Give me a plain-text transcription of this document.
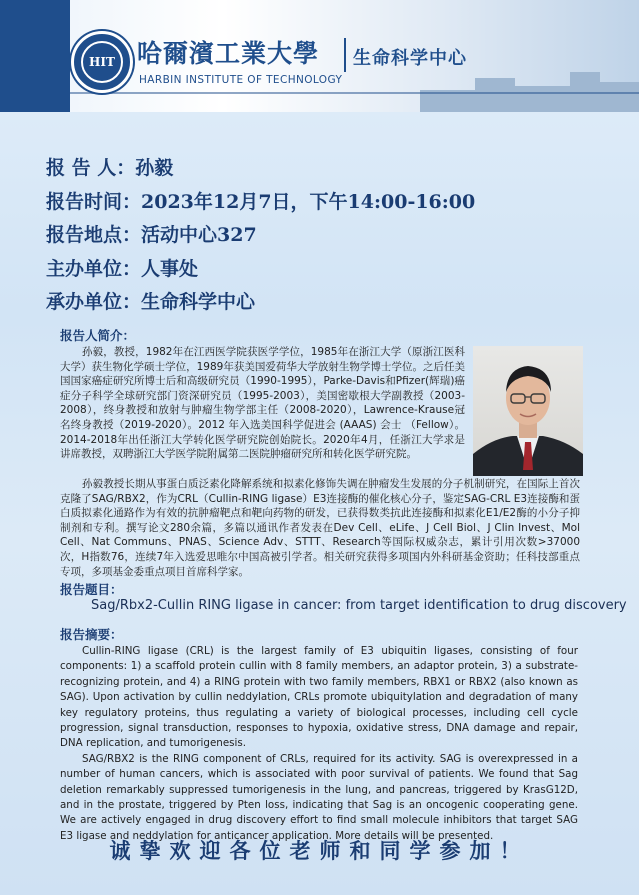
HIT 哈爾濱工業大學
HARBIN INSTITUTE OF TECHNOLOGY
生命科学中心
报 告 人：孙毅
报告时间：2023年12月7日，下午14:00-16:00
报告地点：活动中心327
主办单位：人事处
承办单位：生命科学中心
报告人简介：

孙毅，教授，1982年在江西医学院获医学学位，1985年在浙江大学（原浙江医科大学）获生物化学硕士学位，1989年获美国爱荷华大学放射生物学博士学位。之后任美国国家癌症研究所博士后和高级研究员（1990-1995），Parke-Davis和Pfizer(辉瑞)癌症分子科学全球研究部门资深研究员（1995-2003），美国密歇根大学副教授（2003-2008），终身教授和放射与肿瘤生物学部主任（2008-2020），Lawrence-Krause冠名终身教授（2019-2020）。2012 年入选美国科学促进会 (AAAS) 会士 （Fellow）。2014-2018年出任浙江大学转化医学研究院创始院长。2020年4月，任浙江大学求是讲席教授，双聘浙江大学医学院附属第二医院肿瘤研究所和转化医学研究院。

孙毅教授长期从事蛋白质泛素化降解系统和拟素化修饰失调在肿瘤发生发展的分子机制研究，在国际上首次克隆了SAG/RBX2，作为CRL（Cullin-RING ligase）E3连接酶的催化核心分子，鉴定SAG-CRL E3连接酶和蛋白质拟素化通路作为有效的抗肿瘤靶点和靶向药物的研发，已获得数类抗此连接酶和拟素化E1/E2酶的小分子抑制剂和专利。撰写论文280余篇，多篇以通讯作者发表在Dev Cell、eLife、J Cell Biol、J Clin Invest、Mol Cell、Nat Communs、PNAS、Science Adv、STTT、Research等国际权威杂志，累计引用次数>37000次，H指数76，连续7年入选爱思唯尔中国高被引学者。相关研究获得多项国内外科研基金资助；任科技部重点专项，多项基金委重点项目首席科学家。

报告题目：
Sag/Rbx2-Cullin RING ligase in cancer: from target identification to drug discovery
报告摘要：

Cullin-RING ligase (CRL) is the largest family of E3 ubiquitin ligases, consisting of four components: 1) a scaffold protein cullin with 8 family members, an adaptor protein, 3) a substrate-recognizing protein, and 4) a RING protein with two family members, RBX1 or RBX2 (also known as SAG). Upon activation by cullin neddylation, CRLs promote ubiquitylation and degradation of many key regulatory proteins, thus regulating a variety of biological processes, including cell cycle progression, signal transduction, responses to hypoxia, oxidative stress, DNA damage and repair, DNA replication, and tumorigenesis.

SAG/RBX2 is the RING component of CRLs, required for its activity. SAG is overexpressed in a number of human cancers, which is associated with poor survival of patients. We found that Sag deletion remarkably suppressed tumorigenesis in the lung, and pancreas, triggered by KrasG12D, and in the prostate, triggered by Pten loss, indicating that Sag is an oncogenic cooperating gene. We are actively engaged in drug discovery effort to find small molecule inhibitors that target SAG E3 ligase and neddylation for anticancer application. More details will be presented.

诚挚欢迎各位老师和同学参加！
